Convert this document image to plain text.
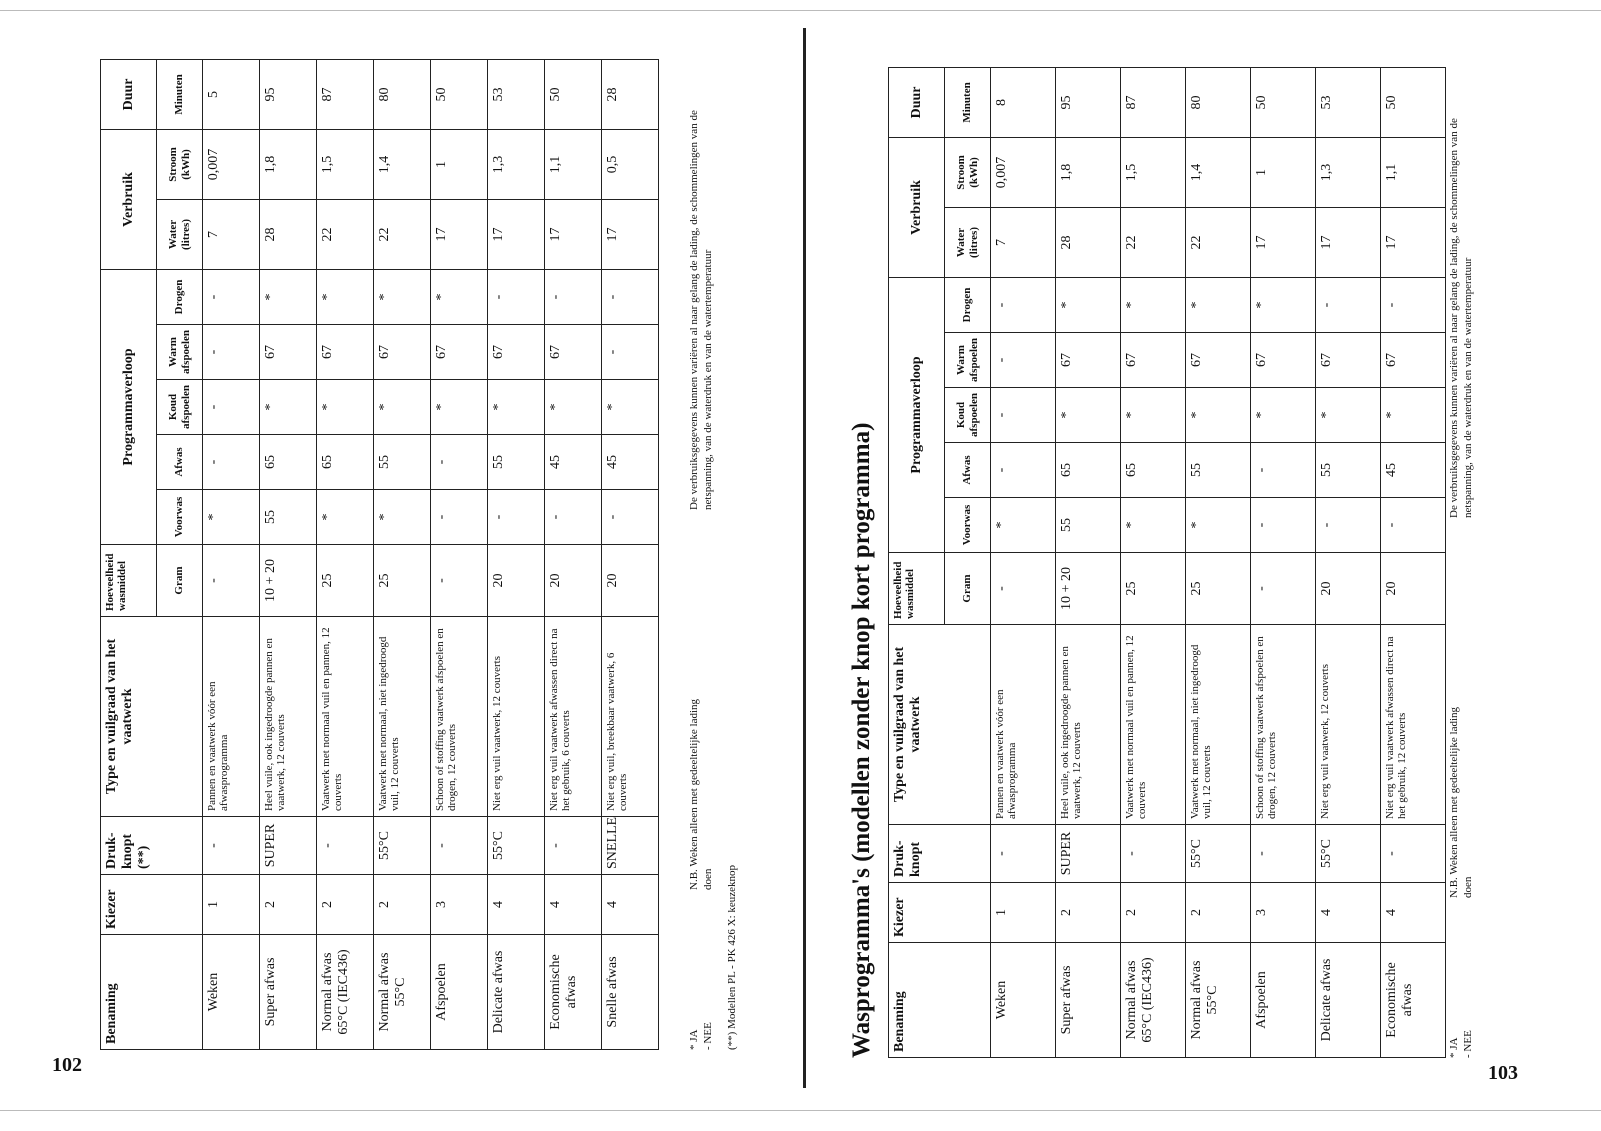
102	103
Benaming	Kiezer	Druk-knopt (**)	Type en vuilgraad van het vaatwerk	Hoeveelheid wasmiddel	Programmaverloop					Verbruik		Duur
				Gram	Voorwas	Afwas	Koud afspoelen	Warm afspoelen	Drogen	Water (litres)	Stroom (kWh)	Minuten
Weken	1	-	Pannen en vaatwerk vóór een afwasprogramma	-	*	-	-	-	-	7	0,007	5
Super afwas	2	SUPER	Heel vuile, ook ingedroogde pannen en vaatwerk, 12 couverts	10 + 20	55	65	*	67	*	28	1,8	95
Normal afwas 65°C (IEC436)	2	-	Vaatwerk met normaal vuil en pannen, 12 couverts	25	*	65	*	67	*	22	1,5	87
Normal afwas 55°C	2	55°C	Vaatwerk met normaal, niet ingedroogd vuil, 12 couverts	25	*	55	*	67	*	22	1,4	80
Afspoelen	3	-	Schoon of stoffing vaatwerk afspoelen en drogen, 12 couverts	-	-	-	*	67	*	17	1	50
Delicate afwas	4	55°C	Niet erg vuil vaatwerk, 12 couverts	20	-	55	*	67	-	17	1,3	53
Economische afwas	4	-	Niet erg vuil vaatwerk afwassen direct na het gebruik, 6 couverts	20	-	45	*	67	-	17	1,1	50
Snelle afwas	4	SNELLE	Niet erg vuil, breekbaar vaatwerk, 6 couverts	20	-	45	*	-	-	17	0,5	28
* JA - NEE
N.B. Weken alleen met gedeeltelijke lading doen
De verbruiksgegevens kunnen variëren al naar gelang de lading, de schommelingen van de netspanning, van de waterdruk en van de watertemperatuur
(**) Modellen PL - PK 426 X: keuzeknop	Wasprogramma's (modellen zonder knop kort programma) Benaming	Kiezer	Druk-knopt	Type en vuilgraad van het vaatwerk	Hoeveelheid wasmiddel	Programmaverloop					Verbruik		Duur
				Gram	Voorwas	Afwas	Koud afspoelen	Warm afspoelen	Drogen	Water (litres)	Stroom (kWh)	Minuten
Weken	1	-	Pannen en vaatwerk vóór een afwasprogramma	-	*	-	-	-	-	7	0,007	8
Super afwas	2	SUPER	Heel vuile, ook ingedroogde pannen en vaatwerk, 12 couverts	10 + 20	55	65	*	67	*	28	1,8	95
Normal afwas 65°C (IEC436)	2	-	Vaatwerk met normaal vuil en pannen, 12 couverts	25	*	65	*	67	*	22	1,5	87
Normal afwas 55°C	2	55°C	Vaatwerk met normaal, niet ingedroogd vuil, 12 couverts	25	*	55	*	67	*	22	1,4	80
Afspoelen	3	-	Schoon of stoffing vaatwerk afspoelen en drogen, 12 couverts	-	-	-	*	67	*	17	1	50
Delicate afwas	4	55°C	Niet erg vuil vaatwerk, 12 couverts	20	-	55	*	67	-	17	1,3	53
Economische afwas	4	-	Niet erg vuil vaatwerk afwassen direct na het gebruik, 12 couverts	20	-	45	*	67	-	17	1,1	50
* JA - NEE
N.B. Weken alleen met gedeeltelijke lading doen
De verbruiksgegevens kunnen variëren al naar gelang de lading, de schommelingen van de netspanning, van de waterdruk en van de watertemperatuur
